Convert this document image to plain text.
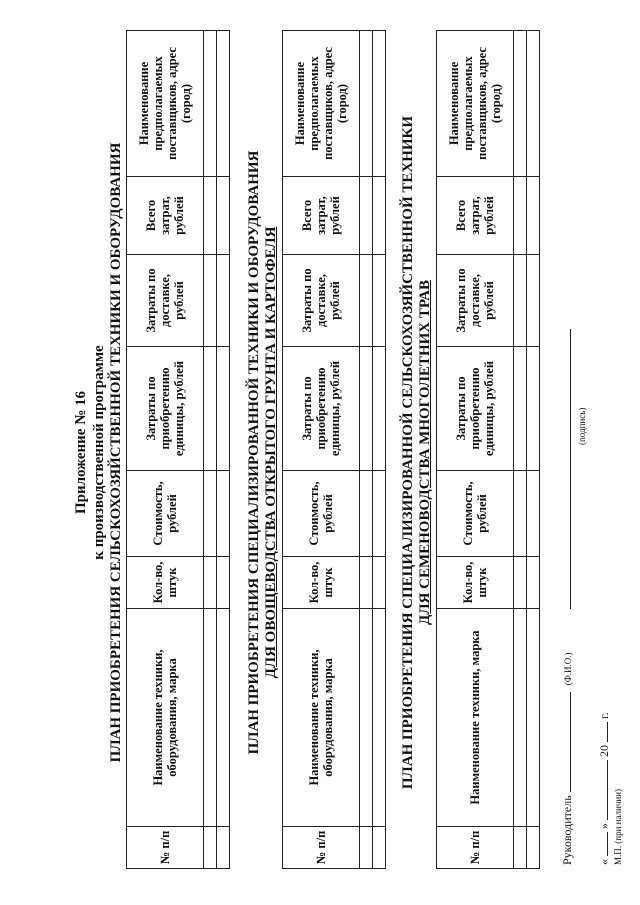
Приложение № 16 к производственной программе ПЛАН ПРИОБРЕТЕНИЯ СЕЛЬСКОХОЗЯЙСТВЕННОЙ ТЕХНИКИ И ОБОРУДОВАНИЯ
№ п/п	Наименование техники, оборудования, марка	Кол-во, штук	Стоимость, рублей	Затраты по приобретению единицы, рублей	Затраты по доставке, рублей	Всего затрат, рублей	Наименование предполагаемых поставщиков, адрес (город)

ПЛАН ПРИОБРЕТЕНИЯ СПЕЦИАЛИЗИРОВАННОЙ ТЕХНИКИ И ОБОРУДОВАНИЯ ДЛЯ ОВОЩЕВОДСТВА ОТКРЫТОГО ГРУНТА И КАРТОФЕЛЯ
№ п/п	Наименование техники, оборудования, марка	Кол-во, штук	Стоимость, рублей	Затраты по приобретению единицы, рублей	Затраты по доставке, рублей	Всего затрат, рублей	Наименование предполагаемых поставщиков, адрес (город)

ПЛАН ПРИОБРЕТЕНИЯ СПЕЦИАЛИЗИРОВАННОЙ СЕЛЬСКОХОЗЯЙСТВЕННОЙ ТЕХНИКИ ДЛЯ СЕМЕНОВОДСТВА МНОГОЛЕТНИХ ТРАВ
№ п/п	Наименование техники, марка	Кол-во, штук	Стоимость, рублей	Затраты по приобретению единицы, рублей	Затраты по доставке, рублей	Всего затрат, рублей	Наименование предполагаемых поставщиков, адрес (город)

Руководитель  (Ф.И.О.)
(подпись)
«  »  20  г.
М.П. (при наличии)
